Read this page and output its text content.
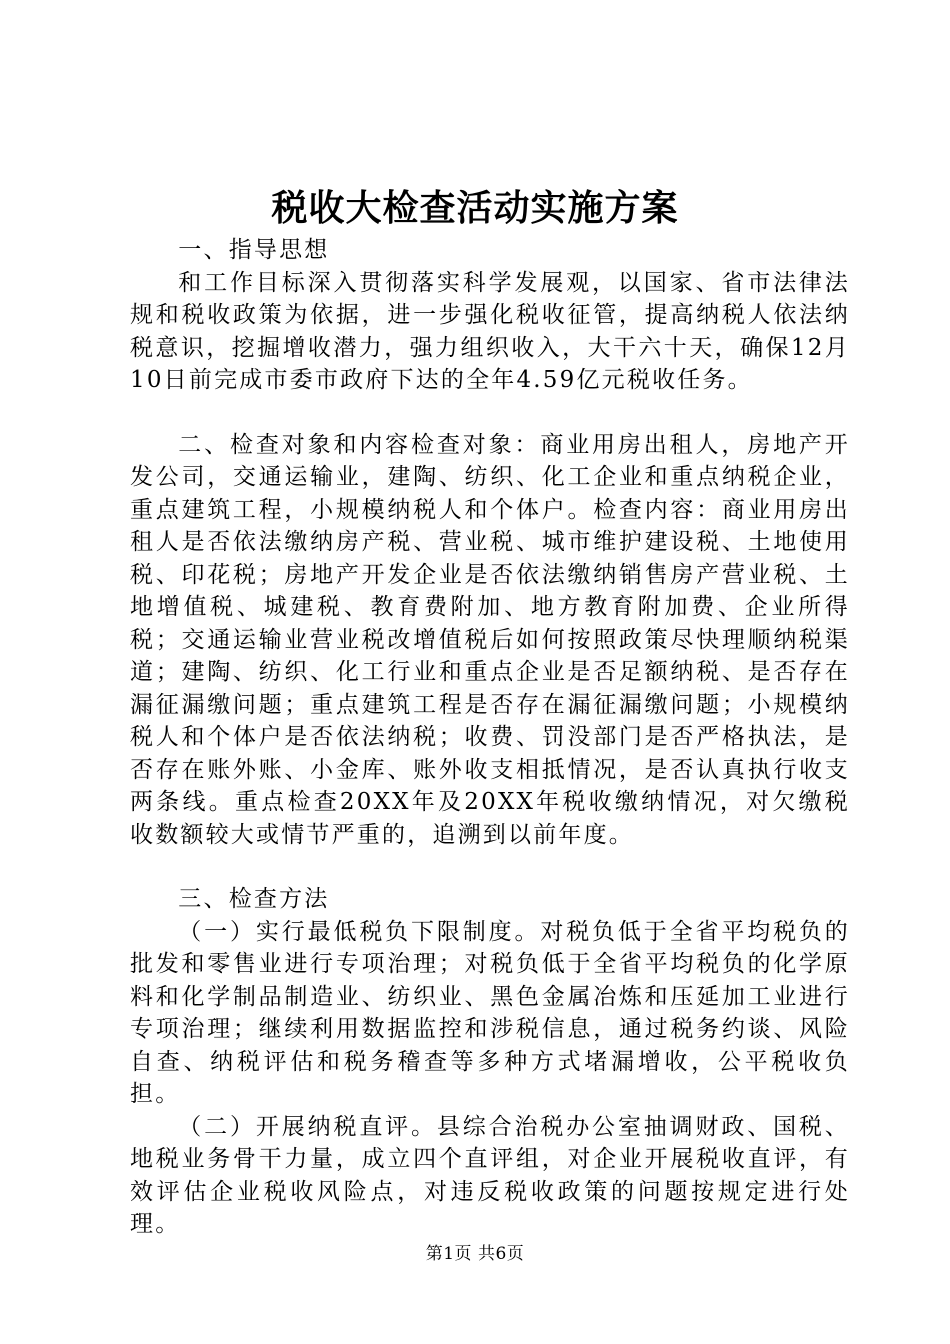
税收大检查活动实施方案

一、指导思想

和工作目标深入贯彻落实科学发展观，以国家、省市法律法规和税收政策为依据，进一步强化税收征管，提高纳税人依法纳税意识，挖掘增收潜力，强力组织收入，大干六十天，确保12月10日前完成市委市政府下达的全年4.59亿元税收任务。

二、检查对象和内容检查对象：商业用房出租人，房地产开发公司，交通运输业，建陶、纺织、化工企业和重点纳税企业，重点建筑工程，小规模纳税人和个体户。检查内容：商业用房出租人是否依法缴纳房产税、营业税、城市维护建设税、土地使用税、印花税；房地产开发企业是否依法缴纳销售房产营业税、土地增值税、城建税、教育费附加、地方教育附加费、企业所得税；交通运输业营业税改增值税后如何按照政策尽快理顺纳税渠道；建陶、纺织、化工行业和重点企业是否足额纳税、是否存在漏征漏缴问题；重点建筑工程是否存在漏征漏缴问题；小规模纳税人和个体户是否依法纳税；收费、罚没部门是否严格执法，是否存在账外账、小金库、账外收支相抵情况，是否认真执行收支两条线。重点检查20XX年及20XX年税收缴纳情况，对欠缴税收数额较大或情节严重的，追溯到以前年度。

三、检查方法

（一）实行最低税负下限制度。对税负低于全省平均税负的批发和零售业进行专项治理；对税负低于全省平均税负的化学原料和化学制品制造业、纺织业、黑色金属冶炼和压延加工业进行专项治理；继续利用数据监控和涉税信息，通过税务约谈、风险自查、纳税评估和税务稽查等多种方式堵漏增收，公平税收负担。

（二）开展纳税直评。县综合治税办公室抽调财政、国税、地税业务骨干力量，成立四个直评组，对企业开展税收直评，有效评估企业税收风险点，对违反税收政策的问题按规定进行处理。

第1页 共6页
